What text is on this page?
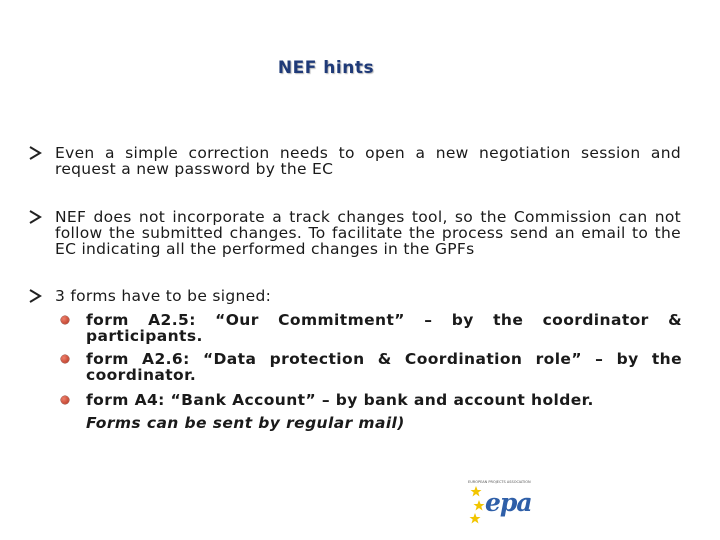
NEF hints
Even a simple correction needs to open a new negotiation session and request a new password by the EC
NEF does not incorporate a track changes tool, so the Commission can not follow the submitted changes. To facilitate the process send an email to the EC indicating all the performed changes in the GPFs
3 forms have to be signed:
form A2.5: “Our Commitment” – by the coordinator & participants.
form A2.6: “Data protection & Coordination role” – by the coordinator.
form A4: “Bank Account” – by bank and account holder.
Forms can be sent by regular mail)
EUROPEAN PROJECTS ASSOCIATION
epa
